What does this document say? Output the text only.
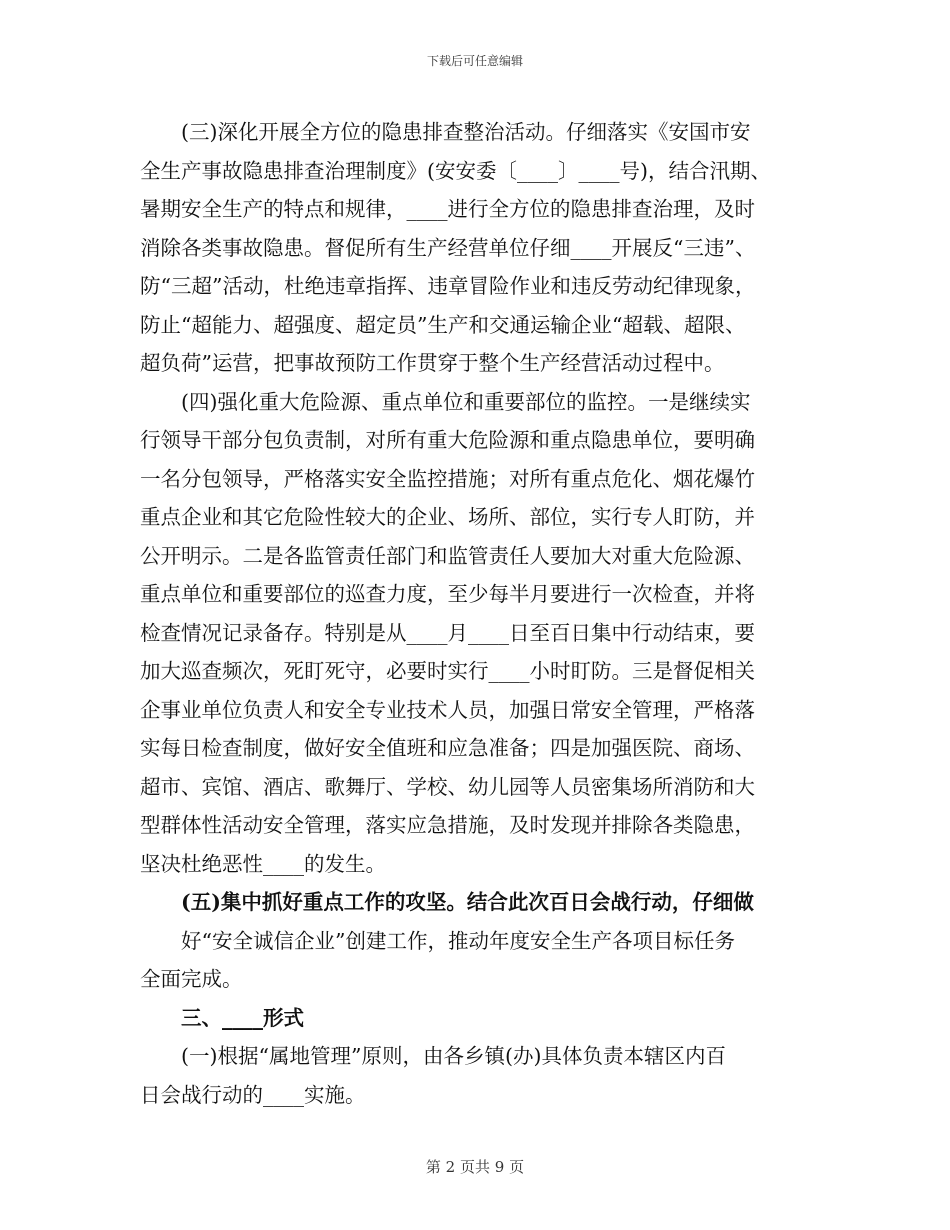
下载后可任意编辑
　　(三)深化开展全方位的隐患排查整治活动。仔细落实《安国市安
全生产事故隐患排查治理制度》(安安委〔____〕____号)，结合汛期、
暑期安全生产的特点和规律，____进行全方位的隐患排查治理，及时
消除各类事故隐患。督促所有生产经营单位仔细____开展反“三违”、
防“三超”活动，杜绝违章指挥、违章冒险作业和违反劳动纪律现象，
防止“超能力、超强度、超定员”生产和交通运输企业“超载、超限、
超负荷”运营，把事故预防工作贯穿于整个生产经营活动过程中。
　　(四)强化重大危险源、重点单位和重要部位的监控。一是继续实
行领导干部分包负责制，对所有重大危险源和重点隐患单位，要明确
一名分包领导，严格落实安全监控措施；对所有重点危化、烟花爆竹
重点企业和其它危险性较大的企业、场所、部位，实行专人盯防，并
公开明示。二是各监管责任部门和监管责任人要加大对重大危险源、
重点单位和重要部位的巡查力度，至少每半月要进行一次检查，并将
检查情况记录备存。特别是从____月____日至百日集中行动结束，要
加大巡查频次，死盯死守，必要时实行____小时盯防。三是督促相关
企事业单位负责人和安全专业技术人员，加强日常安全管理，严格落
实每日检查制度，做好安全值班和应急准备；四是加强医院、商场、
超市、宾馆、酒店、歌舞厅、学校、幼儿园等人员密集场所消防和大
型群体性活动安全管理，落实应急措施，及时发现并排除各类隐患，
坚决杜绝恶性____的发生。
　　(五)集中抓好重点工作的攻坚。结合此次百日会战行动，仔细做
　　好“安全诚信企业”创建工作，推动年度安全生产各项目标任务
全面完成。
　　三、____形式
　　(一)根据“属地管理”原则，由各乡镇(办)具体负责本辖区内百
日会战行动的____实施。
第 2 页共 9 页
